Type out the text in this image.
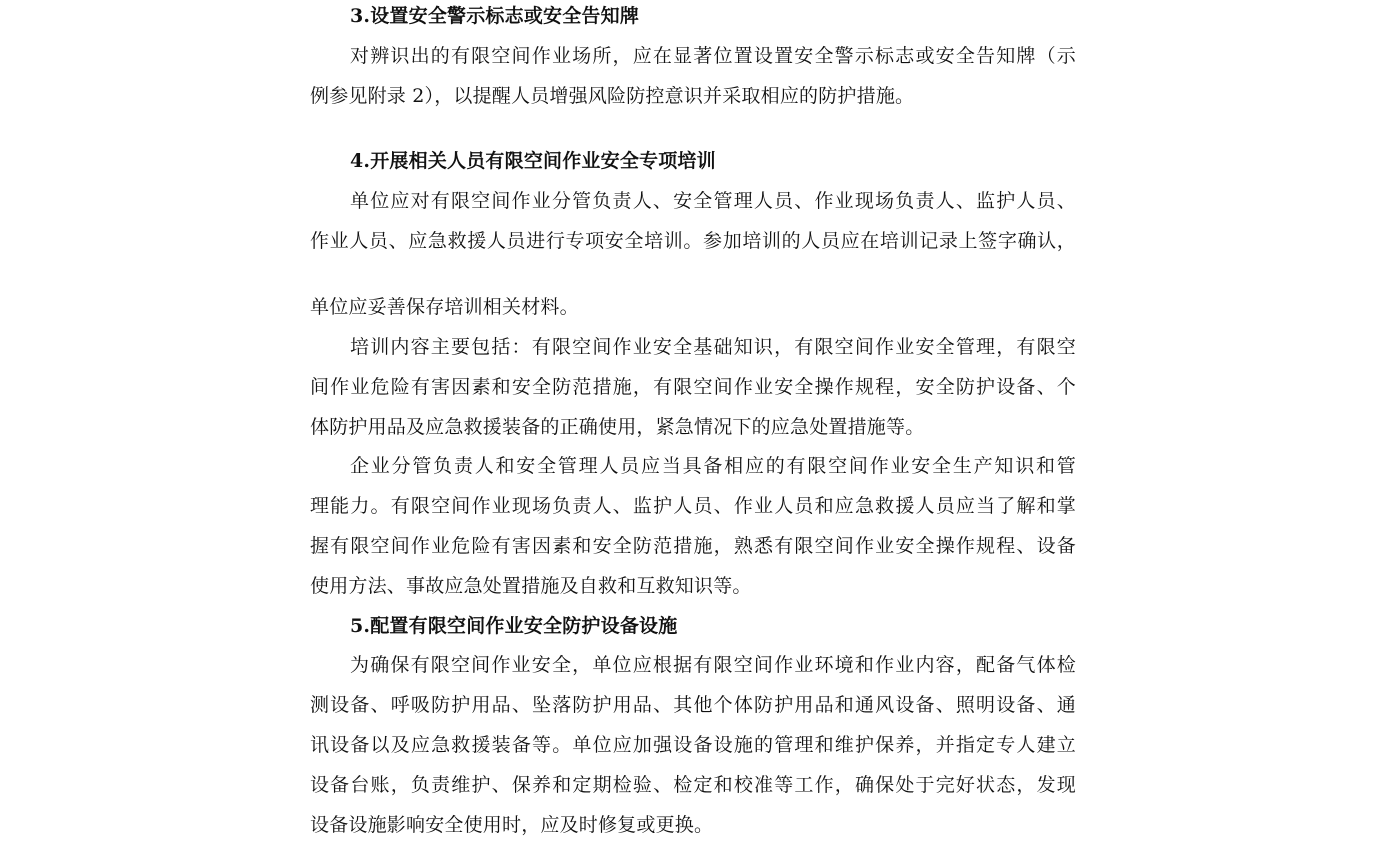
3.设置安全警示标志或安全告知牌
对辨识出的有限空间作业场所，应在显著位置设置安全警示标志或安全告知牌（示
例参见附录 2），以提醒人员增强风险防控意识并采取相应的防护措施。
4.开展相关人员有限空间作业安全专项培训
单位应对有限空间作业分管负责人、安全管理人员、作业现场负责人、监护人员、
作业人员、应急救援人员进行专项安全培训。参加培训的人员应在培训记录上签字确认，
单位应妥善保存培训相关材料。
培训内容主要包括：有限空间作业安全基础知识，有限空间作业安全管理，有限空
间作业危险有害因素和安全防范措施，有限空间作业安全操作规程，安全防护设备、个
体防护用品及应急救援装备的正确使用，紧急情况下的应急处置措施等。
企业分管负责人和安全管理人员应当具备相应的有限空间作业安全生产知识和管
理能力。有限空间作业现场负责人、监护人员、作业人员和应急救援人员应当了解和掌
握有限空间作业危险有害因素和安全防范措施，熟悉有限空间作业安全操作规程、设备
使用方法、事故应急处置措施及自救和互救知识等。
5.配置有限空间作业安全防护设备设施
为确保有限空间作业安全，单位应根据有限空间作业环境和作业内容，配备气体检
测设备、呼吸防护用品、坠落防护用品、其他个体防护用品和通风设备、照明设备、通
讯设备以及应急救援装备等。单位应加强设备设施的管理和维护保养，并指定专人建立
设备台账，负责维护、保养和定期检验、检定和校准等工作，确保处于完好状态，发现
设备设施影响安全使用时，应及时修复或更换。
